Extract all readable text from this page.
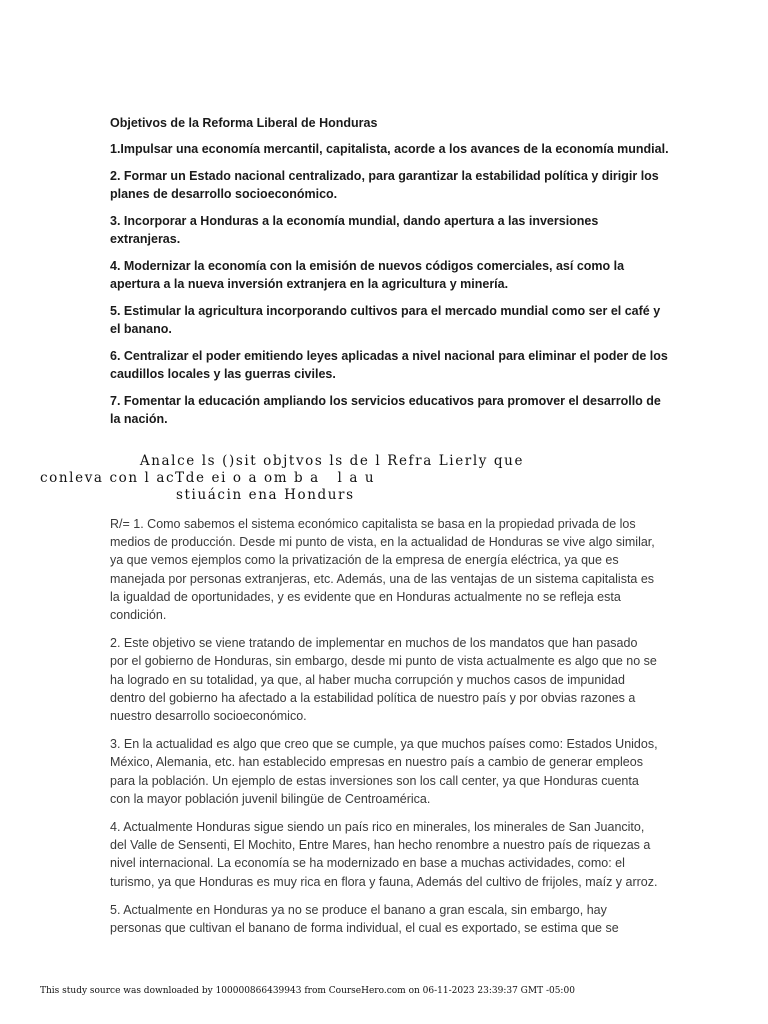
Objetivos de la Reforma Liberal de Honduras

1.Impulsar una economía mercantil, capitalista, acorde a los avances de la economía mundial.

2. Formar un Estado nacional centralizado, para garantizar la estabilidad política y dirigir los planes de desarrollo socioeconómico.

3. Incorporar a Honduras a la economía mundial, dando apertura a las inversiones extranjeras.

4. Modernizar la economía con la emisión de nuevos códigos comerciales, así como la apertura a la nueva inversión extranjera en la agricultura y minería.

5. Estimular la agricultura incorporando cultivos para el mercado mundial como ser el café y el banano.

6. Centralizar el poder emitiendo leyes aplicadas a nivel nacional para eliminar el poder de los caudillos locales y las guerras civiles.

7. Fomentar la educación ampliando los servicios educativos para promover el desarrollo de la nación.

Analce ls ()sit objtvos ls de l Refra Lierly que
conleva con l acTde ei o a om b a   l a u
stiuácin ena Hondurs

R/= 1. Como sabemos el sistema económico capitalista se basa en la propiedad privada de los medios de producción. Desde mi punto de vista, en la actualidad de Honduras se vive algo similar, ya que vemos ejemplos como la privatización de la empresa de energía eléctrica, ya que es manejada por personas extranjeras, etc. Además, una de las ventajas de un sistema capitalista es la igualdad de oportunidades, y es evidente que en Honduras actualmente no se refleja esta condición.

2. Este objetivo se viene tratando de implementar en muchos de los mandatos que han pasado por el gobierno de Honduras, sin embargo, desde mi punto de vista actualmente es algo que no se ha logrado en su totalidad, ya que, al haber mucha corrupción y muchos casos de impunidad dentro del gobierno ha afectado a la estabilidad política de nuestro país y por obvias razones a nuestro desarrollo socioeconómico.

3. En la actualidad es algo que creo que se cumple, ya que muchos países como: Estados Unidos, México, Alemania, etc. han establecido empresas en nuestro país a cambio de generar empleos para la población. Un ejemplo de estas inversiones son los call center, ya que Honduras cuenta con la mayor población juvenil bilingüe de Centroamérica.

4. Actualmente Honduras sigue siendo un país rico en minerales, los minerales de San Juancito, del Valle de Sensenti, El Mochito, Entre Mares, han hecho renombre a nuestro país de riquezas a nivel internacional. La economía se ha modernizado en base a muchas actividades, como: el turismo, ya que Honduras es muy rica en flora y fauna, Además del cultivo de frijoles, maíz y arroz.

5. Actualmente en Honduras ya no se produce el banano a gran escala, sin embargo, hay personas que cultivan el banano de forma individual, el cual es exportado, se estima que se

This study source was downloaded by 100000866439943 from CourseHero.com on 06-11-2023 23:39:37 GMT -05:00
